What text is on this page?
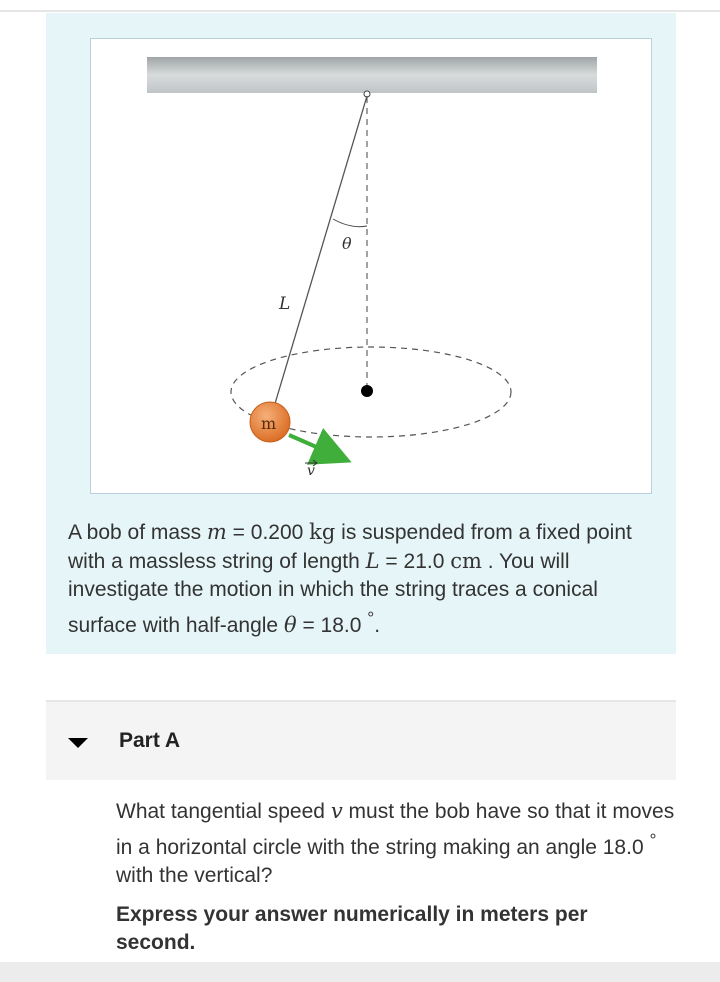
θ
L
m
v
A bob of mass m = 0.200 kg is suspended from a fixed point with a massless string of length L = 21.0 cm . You will investigate the motion in which the string traces a conical surface with half-angle θ = 18.0 °.
Part A
What tangential speed v must the bob have so that it moves in a horizontal circle with the string making an angle 18.0 ° with the vertical?
Express your answer numerically in meters per second.
